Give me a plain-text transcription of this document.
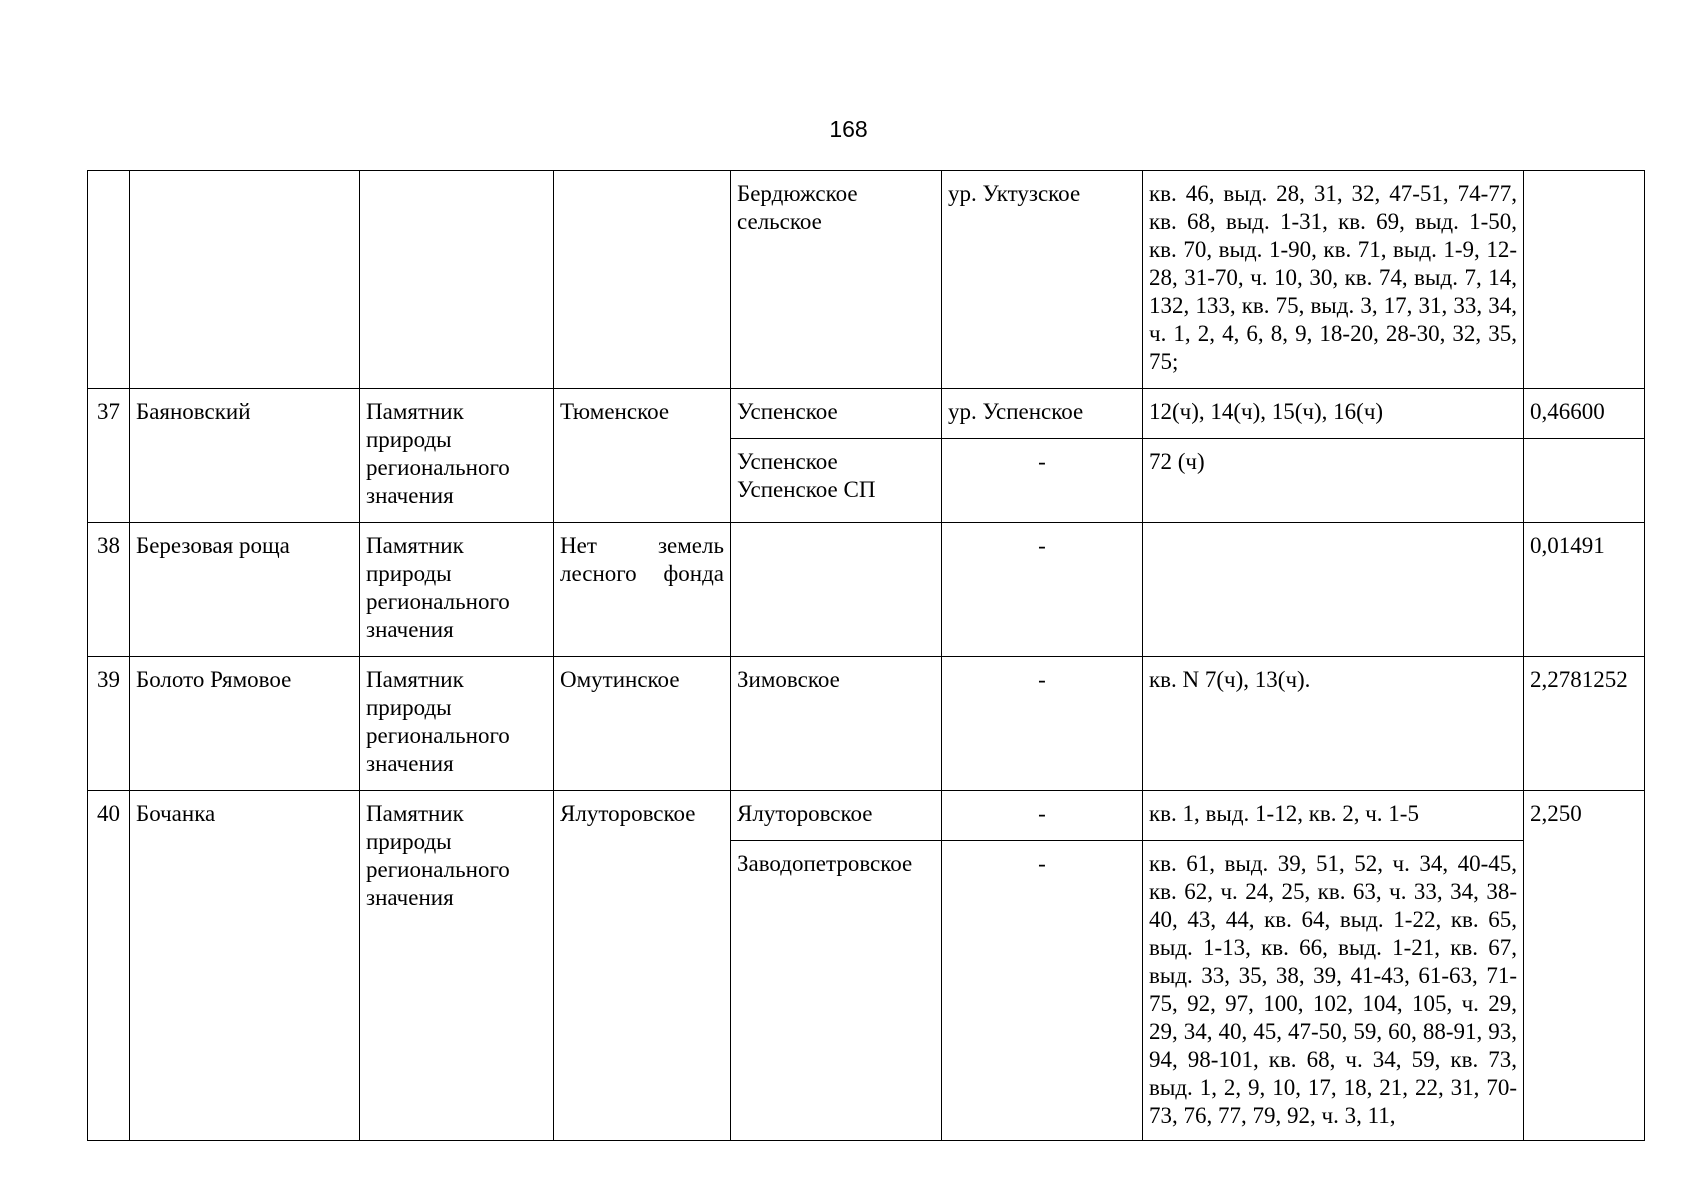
168
				Бердюжское сельское	ур. Уктузское	кв. 46, выд. 28, 31, 32, 47-51, 74-77, кв. 68, выд. 1-31, кв. 69, выд. 1-50, кв. 70, выд. 1-90, кв. 71, выд. 1-9, 12-28, 31-70, ч. 10, 30, кв. 74, выд. 7, 14, 132, 133, кв. 75, выд. 3, 17, 31, 33, 34, ч. 1, 2, 4, 6, 8, 9, 18-20, 28-30, 32, 35, 75;	
37	Баяновский	Памятник природы регионального значения	Тюменское	Успенское	ур. Успенское	12(ч), 14(ч), 15(ч), 16(ч)	0,46600
				Успенское Успенское СП	-	72 (ч)	
38	Березовая роща	Памятник природы регионального значения	Нет земель лесного фонда		-		0,01491
39	Болото Рямовое	Памятник природы регионального значения	Омутинское	Зимовское	-	кв. N 7(ч), 13(ч).	2,2781252
40	Бочанка	Памятник природы регионального значения	Ялуторовское	Ялуторовское	-	кв. 1, выд. 1-12, кв. 2, ч. 1-5	2,250
				Заводопетровское	-	кв. 61, выд. 39, 51, 52, ч. 34, 40-45, кв. 62, ч. 24, 25, кв. 63, ч. 33, 34, 38-40, 43, 44, кв. 64, выд. 1-22, кв. 65, выд. 1-13, кв. 66, выд. 1-21, кв. 67, выд. 33, 35, 38, 39, 41-43, 61-63, 71-75, 92, 97, 100, 102, 104, 105, ч. 29, 29, 34, 40, 45, 47-50, 59, 60, 88-91, 93, 94, 98-101, кв. 68, ч. 34, 59, кв. 73, выд. 1, 2, 9, 10, 17, 18, 21, 22, 31, 70-73, 76, 77, 79, 92, ч. 3, 11,	
